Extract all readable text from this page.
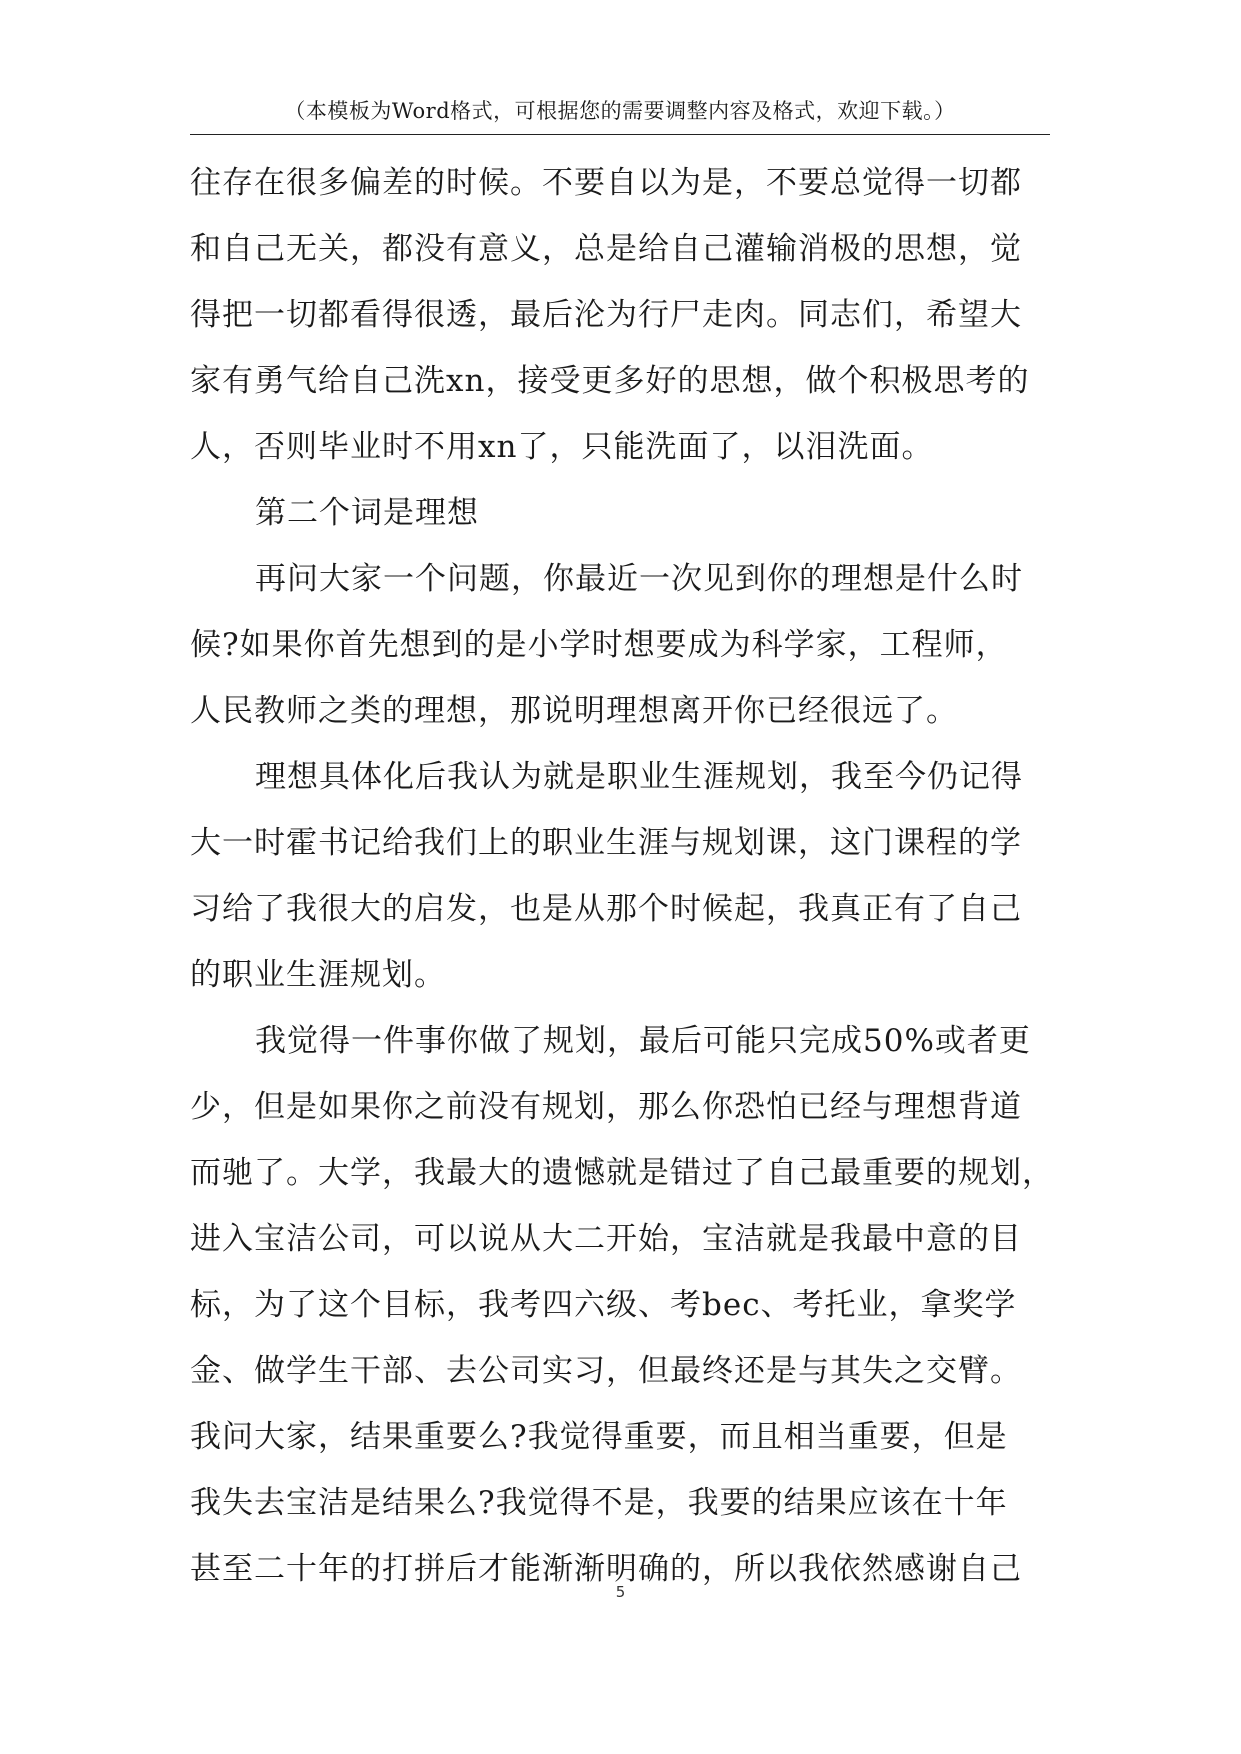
（本模板为Word格式，可根据您的需要调整内容及格式，欢迎下载。）
往存在很多偏差的时候。不要自以为是，不要总觉得一切都
和自己无关，都没有意义，总是给自己灌输消极的思想，觉
得把一切都看得很透，最后沦为行尸走肉。同志们，希望大
家有勇气给自己洗xn，接受更多好的思想，做个积极思考的
人，否则毕业时不用xn了，只能洗面了，以泪洗面。
第二个词是理想
再问大家一个问题，你最近一次见到你的理想是什么时
候?如果你首先想到的是小学时想要成为科学家，工程师，
人民教师之类的理想，那说明理想离开你已经很远了。
理想具体化后我认为就是职业生涯规划，我至今仍记得
大一时霍书记给我们上的职业生涯与规划课，这门课程的学
习给了我很大的启发，也是从那个时候起，我真正有了自己
的职业生涯规划。
我觉得一件事你做了规划，最后可能只完成50%或者更
少，但是如果你之前没有规划，那么你恐怕已经与理想背道
而驰了。大学，我最大的遗憾就是错过了自己最重要的规划，
进入宝洁公司，可以说从大二开始，宝洁就是我最中意的目
标，为了这个目标，我考四六级、考bec、考托业，拿奖学
金、做学生干部、去公司实习，但最终还是与其失之交臂。
我问大家，结果重要么?我觉得重要，而且相当重要，但是
我失去宝洁是结果么?我觉得不是，我要的结果应该在十年
甚至二十年的打拼后才能渐渐明确的，所以我依然感谢自己
5
